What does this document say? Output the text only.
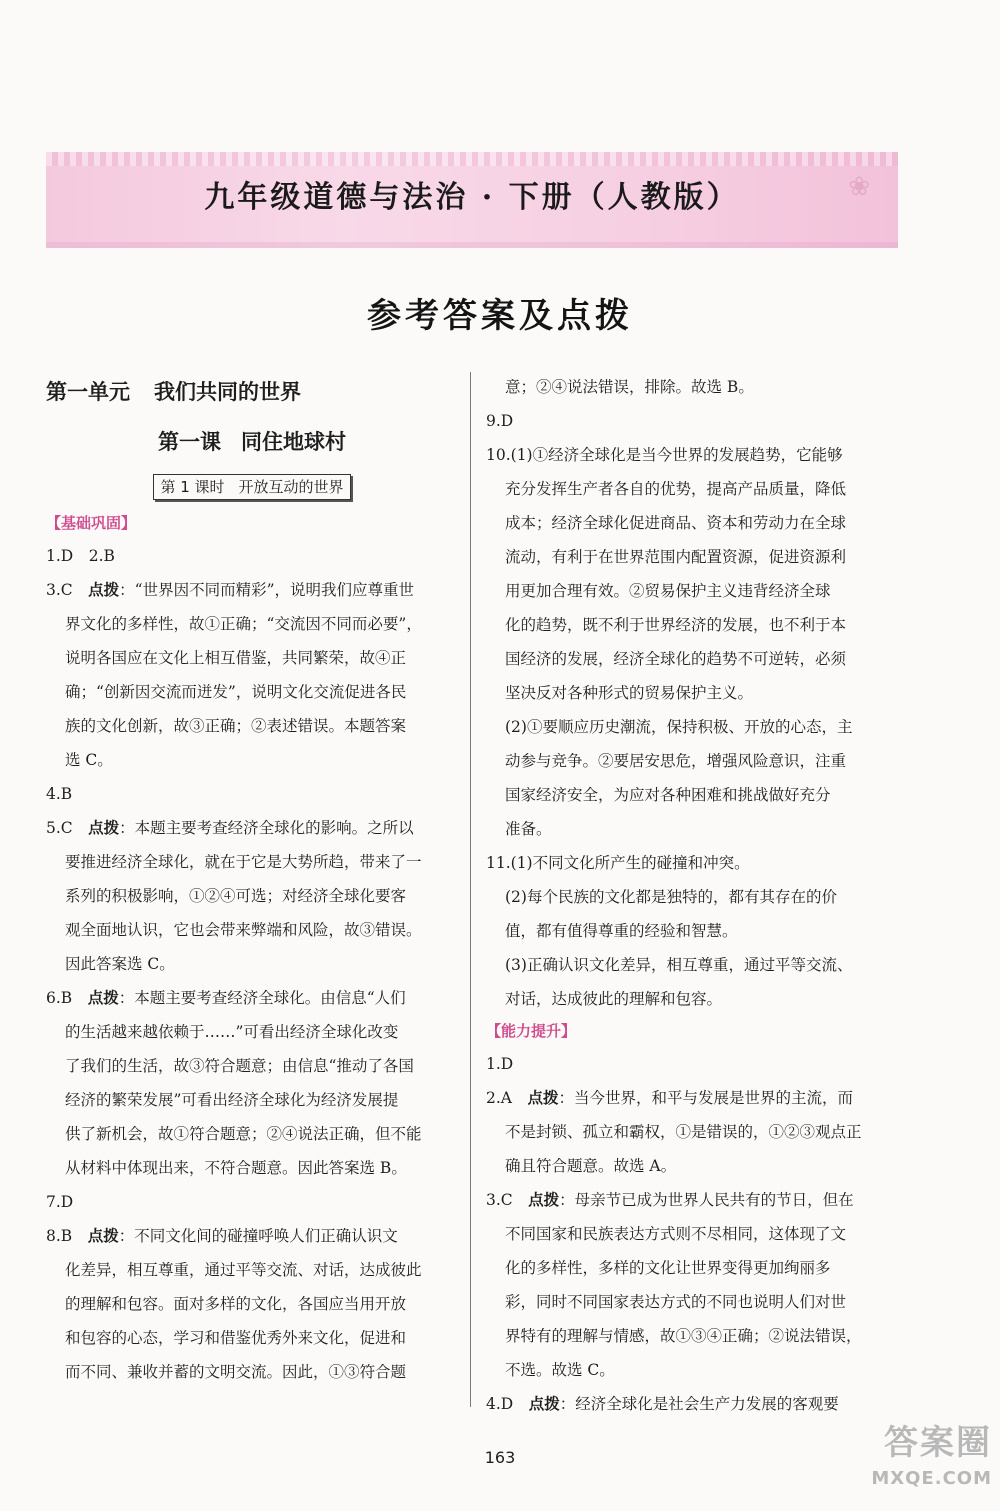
九年级道德与法治 · 下册（人教版）	❀
参考答案及点拨
第一单元 我们共同的世界
第一课 同住地球村
第 1 课时 开放互动的世界
【基础巩固】
1.D　2.B
3.C　点拨：“世界因不同而精彩”，说明我们应尊重世
界文化的多样性，故①正确；“交流因不同而必要”，
说明各国应在文化上相互借鉴，共同繁荣，故④正
确；“创新因交流而迸发”，说明文化交流促进各民
族的文化创新，故③正确；②表述错误。本题答案
选 C。
4.B
5.C　点拨：本题主要考查经济全球化的影响。之所以
要推进经济全球化，就在于它是大势所趋，带来了一
系列的积极影响，①②④可选；对经济全球化要客
观全面地认识，它也会带来弊端和风险，故③错误。
因此答案选 C。
6.B　点拨：本题主要考查经济全球化。由信息“人们
的生活越来越依赖于……”可看出经济全球化改变
了我们的生活，故③符合题意；由信息“推动了各国
经济的繁荣发展”可看出经济全球化为经济发展提
供了新机会，故①符合题意；②④说法正确，但不能
从材料中体现出来，不符合题意。因此答案选 B。
7.D
8.B　点拨：不同文化间的碰撞呼唤人们正确认识文
化差异，相互尊重，通过平等交流、对话，达成彼此
的理解和包容。面对多样的文化，各国应当用开放
和包容的心态，学习和借鉴优秀外来文化，促进和
而不同、兼收并蓄的文明交流。因此，①③符合题
意；②④说法错误，排除。故选 B。
9.D
10.(1)①经济全球化是当今世界的发展趋势，它能够
充分发挥生产者各自的优势，提高产品质量，降低
成本；经济全球化促进商品、资本和劳动力在全球
流动，有利于在世界范围内配置资源，促进资源利
用更加合理有效。②贸易保护主义违背经济全球
化的趋势，既不利于世界经济的发展，也不利于本
国经济的发展，经济全球化的趋势不可逆转，必须
坚决反对各种形式的贸易保护主义。
(2)①要顺应历史潮流，保持积极、开放的心态，主
动参与竞争。②要居安思危，增强风险意识，注重
国家经济安全，为应对各种困难和挑战做好充分
准备。
11.(1)不同文化所产生的碰撞和冲突。
(2)每个民族的文化都是独特的，都有其存在的价
值，都有值得尊重的经验和智慧。
(3)正确认识文化差异，相互尊重，通过平等交流、
对话，达成彼此的理解和包容。
【能力提升】
1.D
2.A　点拨：当今世界，和平与发展是世界的主流，而
不是封锁、孤立和霸权，①是错误的，①②③观点正
确且符合题意。故选 A。
3.C　点拨：母亲节已成为世界人民共有的节日，但在
不同国家和民族表达方式则不尽相同，这体现了文
化的多样性，多样的文化让世界变得更加绚丽多
彩，同时不同国家表达方式的不同也说明人们对世
界特有的理解与情感，故①③④正确；②说法错误，
不选。故选 C。
4.D　点拨：经济全球化是社会生产力发展的客观要
163	答案圈
MXQE.COM
